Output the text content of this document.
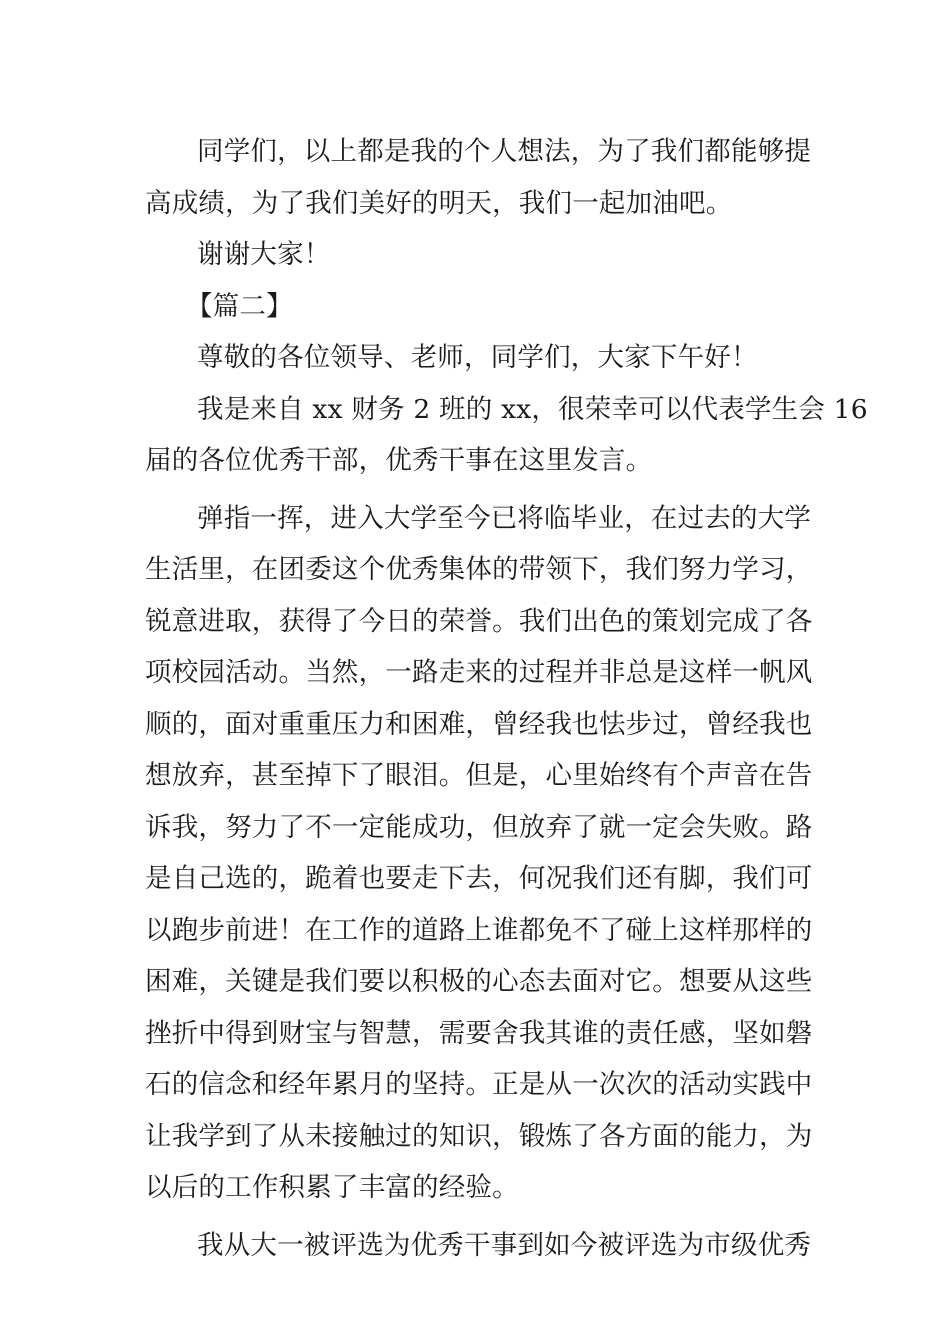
同学们，以上都是我的个人想法，为了我们都能够提
高成绩，为了我们美好的明天，我们一起加油吧。
谢谢大家！
【篇二】
尊敬的各位领导、老师，同学们，大家下午好！
我是来自 xx 财务 2 班的 xx，很荣幸可以代表学生会 16
届的各位优秀干部，优秀干事在这里发言。
弹指一挥，进入大学至今已将临毕业，在过去的大学
生活里，在团委这个优秀集体的带领下，我们努力学习，
锐意进取，获得了今日的荣誉。我们出色的策划完成了各
项校园活动。当然，一路走来的过程并非总是这样一帆风
顺的，面对重重压力和困难，曾经我也怯步过，曾经我也
想放弃，甚至掉下了眼泪。但是，心里始终有个声音在告
诉我，努力了不一定能成功，但放弃了就一定会失败。路
是自己选的，跪着也要走下去，何况我们还有脚，我们可
以跑步前进！在工作的道路上谁都免不了碰上这样那样的
困难，关键是我们要以积极的心态去面对它。想要从这些
挫折中得到财宝与智慧，需要舍我其谁的责任感，坚如磐
石的信念和经年累月的坚持。正是从一次次的活动实践中
让我学到了从未接触过的知识，锻炼了各方面的能力，为
以后的工作积累了丰富的经验。
我从大一被评选为优秀干事到如今被评选为市级优秀
